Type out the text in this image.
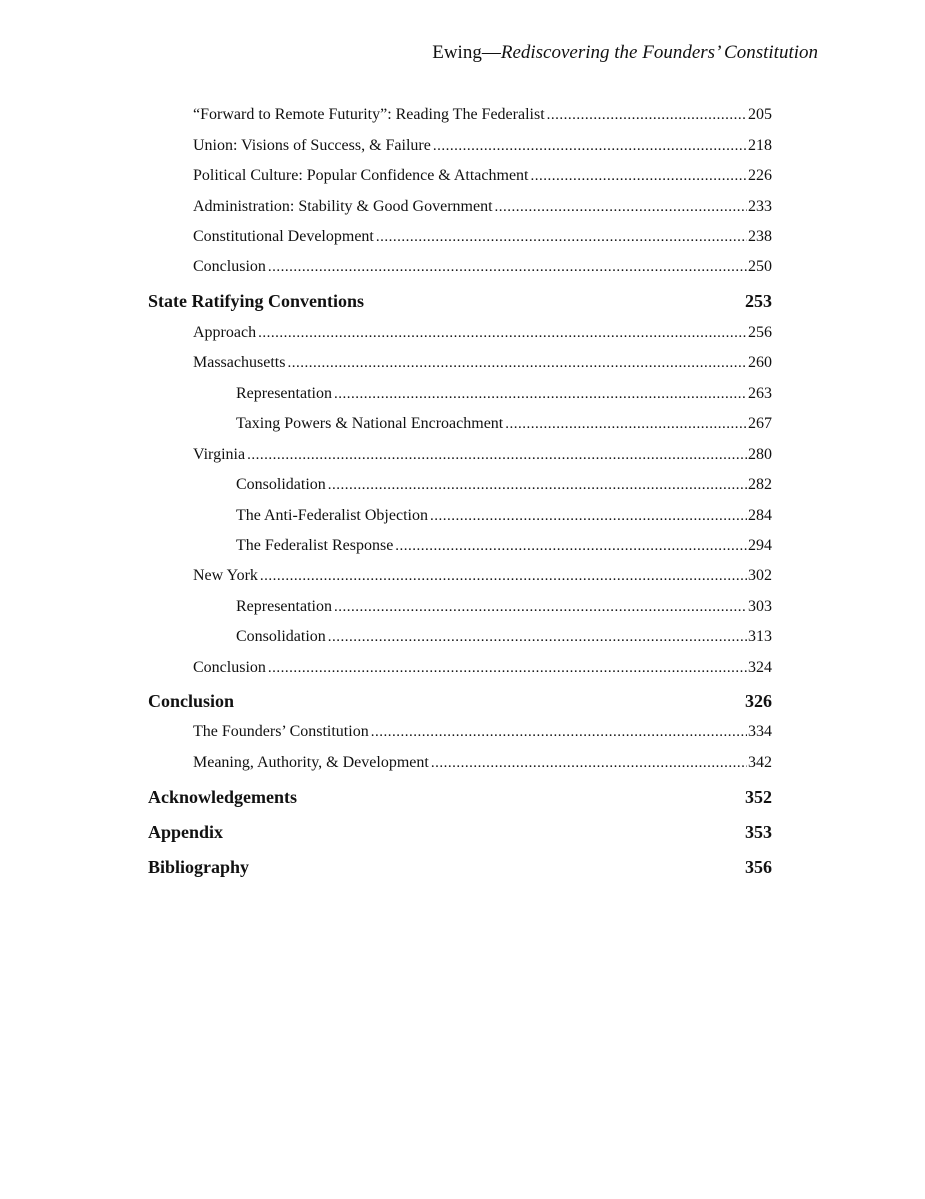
Ewing—Rediscovering the Founders’ Constitution
“Forward to Remote Futurity”: Reading The Federalist .....	205
Union: Visions of Success, & Failure .....	218
Political Culture: Popular Confidence & Attachment .....	226
Administration: Stability & Good Government .....	233
Constitutional Development .....	238
Conclusion .....	250
State Ratifying Conventions	253
Approach .....	256
Massachusetts .....	260
Representation .....	263
Taxing Powers & National Encroachment .....	267
Virginia .....	280
Consolidation .....	282
The Anti-Federalist Objection .....	284
The Federalist Response .....	294
New York .....	302
Representation .....	303
Consolidation .....	313
Conclusion .....	324
Conclusion	326
The Founders’ Constitution .....	334
Meaning, Authority, & Development .....	342
Acknowledgements	352
Appendix	353
Bibliography	356
